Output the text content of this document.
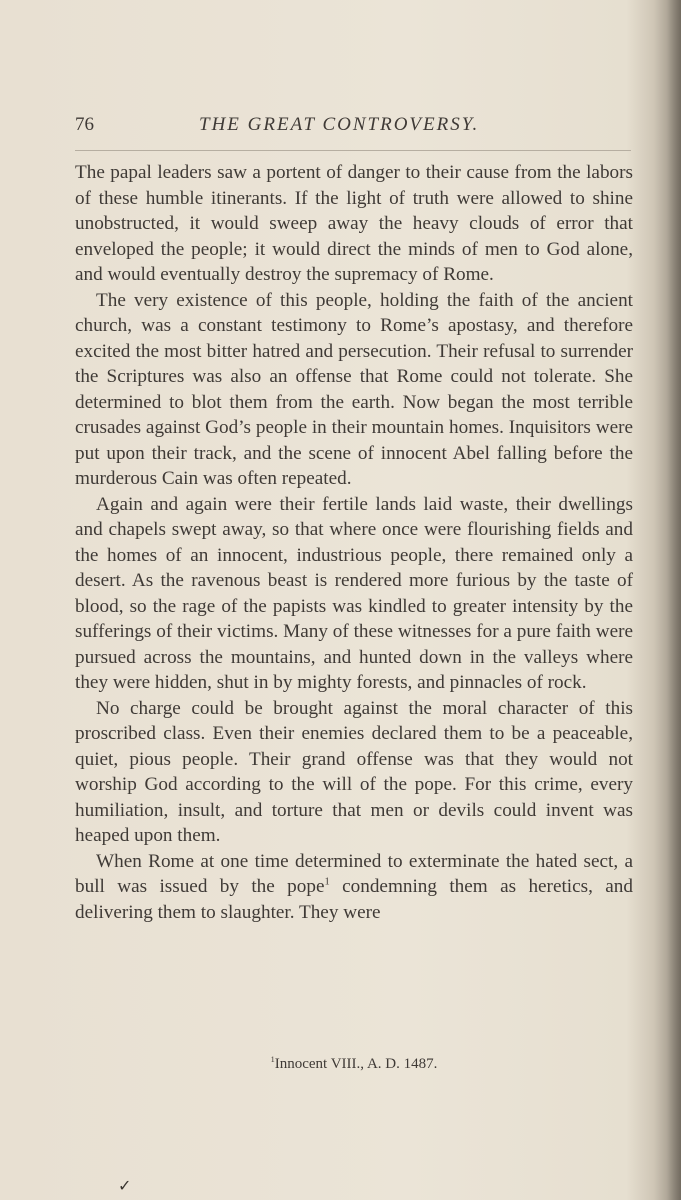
76	THE GREAT CONTROVERSY.

The papal leaders saw a portent of danger to their cause from the labors of these humble itinerants. If the light of truth were allowed to shine unobstructed, it would sweep away the heavy clouds of error that enveloped the people; it would direct the minds of men to God alone, and would eventually destroy the supremacy of Rome.

The very existence of this people, holding the faith of the ancient church, was a constant testimony to Rome’s apostasy, and therefore excited the most bitter hatred and persecution. Their refusal to surrender the Scriptures was also an offense that Rome could not tolerate. She determined to blot them from the earth. Now began the most terrible crusades against God’s people in their mountain homes. Inquisitors were put upon their track, and the scene of innocent Abel falling before the murderous Cain was often repeated.

Again and again were their fertile lands laid waste, their dwellings and chapels swept away, so that where once were flourishing fields and the homes of an innocent, industrious people, there remained only a desert. As the ravenous beast is rendered more furious by the taste of blood, so the rage of the papists was kindled to greater intensity by the sufferings of their victims. Many of these witnesses for a pure faith were pursued across the mountains, and hunted down in the valleys where they were hidden, shut in by mighty forests, and pinnacles of rock.

No charge could be brought against the moral character of this proscribed class. Even their enemies declared them to be a peaceable, quiet, pious people. Their grand offense was that they would not worship God according to the will of the pope. For this crime, every humiliation, insult, and torture that men or devils could invent was heaped upon them.

When Rome at one time determined to exterminate the hated sect, a bull was issued by the pope$^1$ condemning them as heretics, and delivering them to slaughter. They were

$^1$Innocent VIII., A. D. 1487.
✓
